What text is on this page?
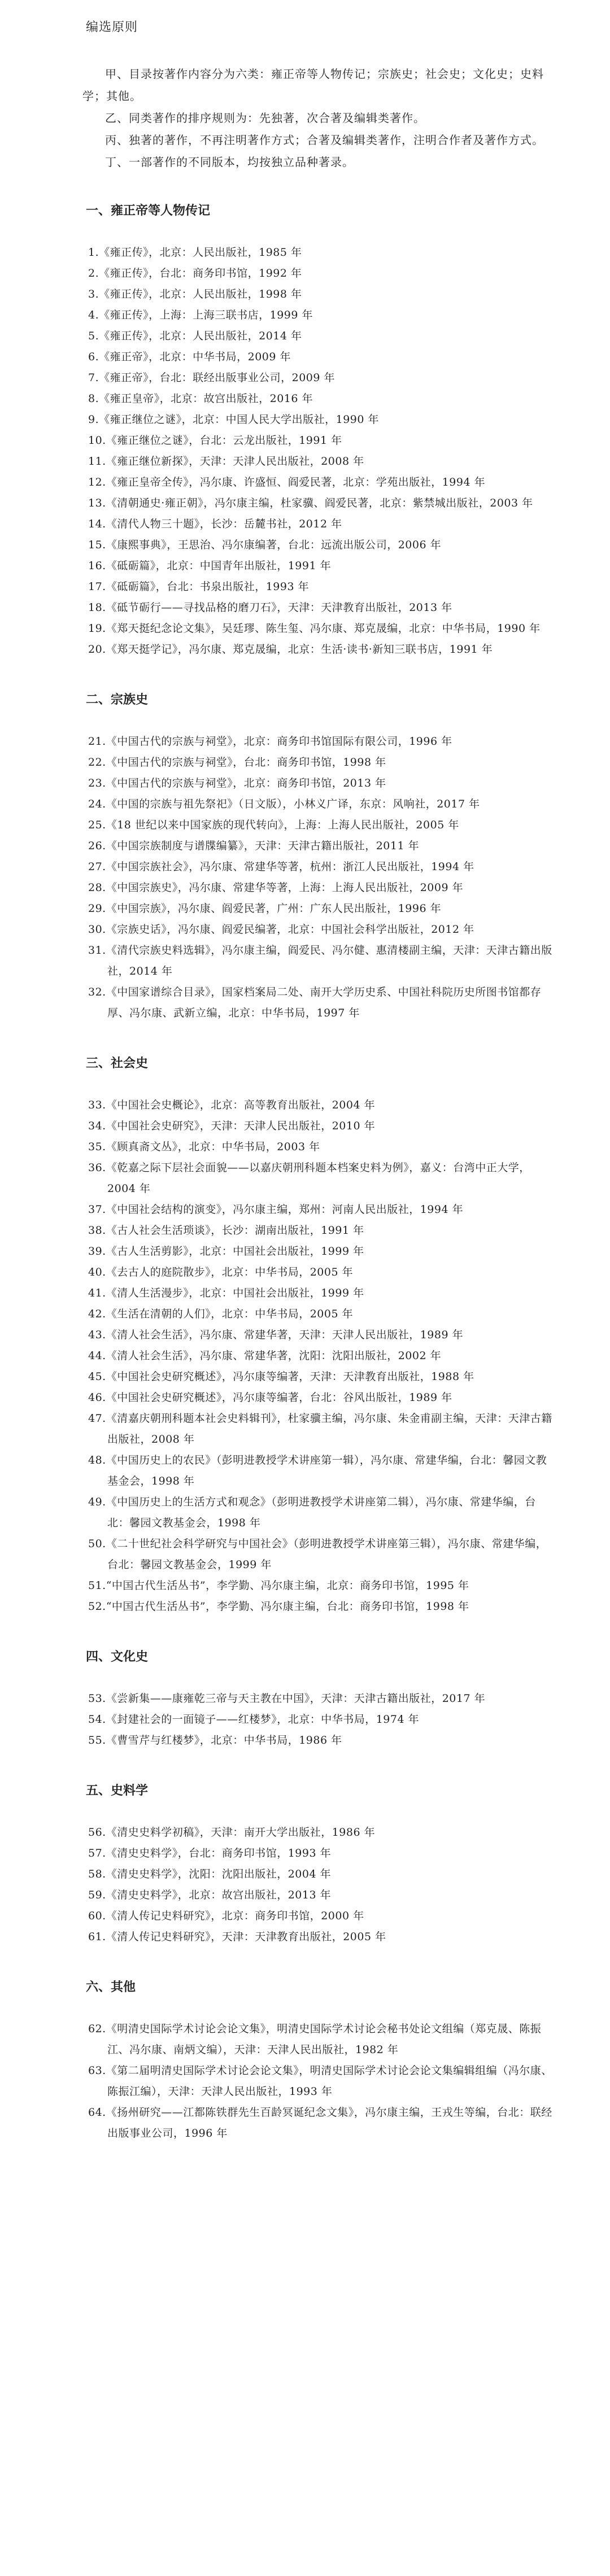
编选原则

甲、目录按著作内容分为六类：雍正帝等人物传记；宗族史；社会史；文化史；史料学；其他。

乙、同类著作的排序规则为：先独著，次合著及编辑类著作。

丙、独著的著作，不再注明著作方式；合著及编辑类著作，注明合作者及著作方式。

丁、一部著作的不同版本，均按独立品种著录。

一、雍正帝等人物传记

1.《雍正传》，北京：人民出版社，1985 年

2.《雍正传》，台北：商务印书馆，1992 年

3.《雍正传》，北京：人民出版社，1998 年

4.《雍正传》，上海：上海三联书店，1999 年

5.《雍正传》，北京：人民出版社，2014 年

6.《雍正帝》，北京：中华书局，2009 年

7.《雍正帝》，台北：联经出版事业公司，2009 年

8.《雍正皇帝》，北京：故宫出版社，2016 年

9.《雍正继位之谜》，北京：中国人民大学出版社，1990 年

10.《雍正继位之谜》，台北：云龙出版社，1991 年

11.《雍正继位新探》，天津：天津人民出版社，2008 年

12.《雍正皇帝全传》，冯尔康、许盛恒、阎爱民著，北京：学苑出版社，1994 年

13.《清朝通史·雍正朝》，冯尔康主编，杜家骥、阎爱民著，北京：紫禁城出版社，2003 年

14.《清代人物三十题》，长沙：岳麓书社，2012 年

15.《康熙事典》，王思治、冯尔康编著，台北：远流出版公司，2006 年

16.《砥砺篇》，北京：中国青年出版社，1991 年

17.《砥砺篇》，台北：书泉出版社，1993 年

18.《砥节砺行——寻找品格的磨刀石》，天津：天津教育出版社，2013 年

19.《郑天挺纪念论文集》，吴廷璆、陈生玺、冯尔康、郑克晟编，北京：中华书局，1990 年

20.《郑天挺学记》，冯尔康、郑克晟编，北京：生活·读书·新知三联书店，1991 年

二、宗族史

21.《中国古代的宗族与祠堂》，北京：商务印书馆国际有限公司，1996 年

22.《中国古代的宗族与祠堂》，台北：商务印书馆，1998 年

23.《中国古代的宗族与祠堂》，北京：商务印书馆，2013 年

24.《中国的宗族与祖先祭祀》（日文版），小林义广译，东京：风响社，2017 年

25.《18 世纪以来中国家族的现代转向》，上海：上海人民出版社，2005 年

26.《中国宗族制度与谱牒编纂》，天津：天津古籍出版社，2011 年

27.《中国宗族社会》，冯尔康、常建华等著，杭州：浙江人民出版社，1994 年

28.《中国宗族史》，冯尔康、常建华等著，上海：上海人民出版社，2009 年

29.《中国宗族》，冯尔康、阎爱民著，广州：广东人民出版社，1996 年

30.《宗族史话》，冯尔康、阎爱民编著，北京：中国社会科学出版社，2012 年

31.《清代宗族史料选辑》，冯尔康主编，阎爱民、冯尔健、惠清楼副主编，天津：天津古籍出版社，2014 年

32.《中国家谱综合目录》，国家档案局二处、南开大学历史系、中国社科院历史所图书馆都存厚、冯尔康、武新立编，北京：中华书局，1997 年

三、社会史

33.《中国社会史概论》，北京：高等教育出版社，2004 年

34.《中国社会史研究》，天津：天津人民出版社，2010 年

35.《顾真斋文丛》，北京：中华书局，2003 年

36.《乾嘉之际下层社会面貌——以嘉庆朝刑科题本档案史料为例》，嘉义：台湾中正大学，2004 年

37.《中国社会结构的演变》，冯尔康主编，郑州：河南人民出版社，1994 年

38.《古人社会生活琐谈》，长沙：湖南出版社，1991 年

39.《古人生活剪影》，北京：中国社会出版社，1999 年

40.《去古人的庭院散步》，北京：中华书局，2005 年

41.《清人生活漫步》，北京：中国社会出版社，1999 年

42.《生活在清朝的人们》，北京：中华书局，2005 年

43.《清人社会生活》，冯尔康、常建华著，天津：天津人民出版社，1989 年

44.《清人社会生活》，冯尔康、常建华著，沈阳：沈阳出版社，2002 年

45.《中国社会史研究概述》，冯尔康等编著，天津：天津教育出版社，1988 年

46.《中国社会史研究概述》，冯尔康等编著，台北：谷风出版社，1989 年

47.《清嘉庆朝刑科题本社会史料辑刊》，杜家骥主编，冯尔康、朱金甫副主编，天津：天津古籍出版社，2008 年

48.《中国历史上的农民》（彭明进教授学术讲座第一辑），冯尔康、常建华编，台北：馨园文教基金会，1998 年

49.《中国历史上的生活方式和观念》（彭明进教授学术讲座第二辑），冯尔康、常建华编，台北：馨园文教基金会，1998 年

50.《二十世纪社会科学研究与中国社会》（彭明进教授学术讲座第三辑），冯尔康、常建华编，台北：馨园文教基金会，1999 年

51.“中国古代生活丛书”，李学勤、冯尔康主编，北京：商务印书馆，1995 年

52.“中国古代生活丛书”，李学勤、冯尔康主编，台北：商务印书馆，1998 年

四、文化史

53.《尝新集——康雍乾三帝与天主教在中国》，天津：天津古籍出版社，2017 年

54.《封建社会的一面镜子——红楼梦》，北京：中华书局，1974 年

55.《曹雪芹与红楼梦》，北京：中华书局，1986 年

五、史料学

56.《清史史料学初稿》，天津：南开大学出版社，1986 年

57.《清史史料学》，台北：商务印书馆，1993 年

58.《清史史料学》，沈阳：沈阳出版社，2004 年

59.《清史史料学》，北京：故宫出版社，2013 年

60.《清人传记史料研究》，北京：商务印书馆，2000 年

61.《清人传记史料研究》，天津：天津教育出版社，2005 年

六、其他

62.《明清史国际学术讨论会论文集》，明清史国际学术讨论会秘书处论文组编（郑克晟、陈振江、冯尔康、南炳文编），天津：天津人民出版社，1982 年

63.《第二届明清史国际学术讨论会论文集》，明清史国际学术讨论会论文集编辑组编（冯尔康、陈振江编），天津：天津人民出版社，1993 年

64.《扬州研究——江都陈铁群先生百龄冥诞纪念文集》，冯尔康主编，王戎生等编，台北：联经出版事业公司，1996 年
